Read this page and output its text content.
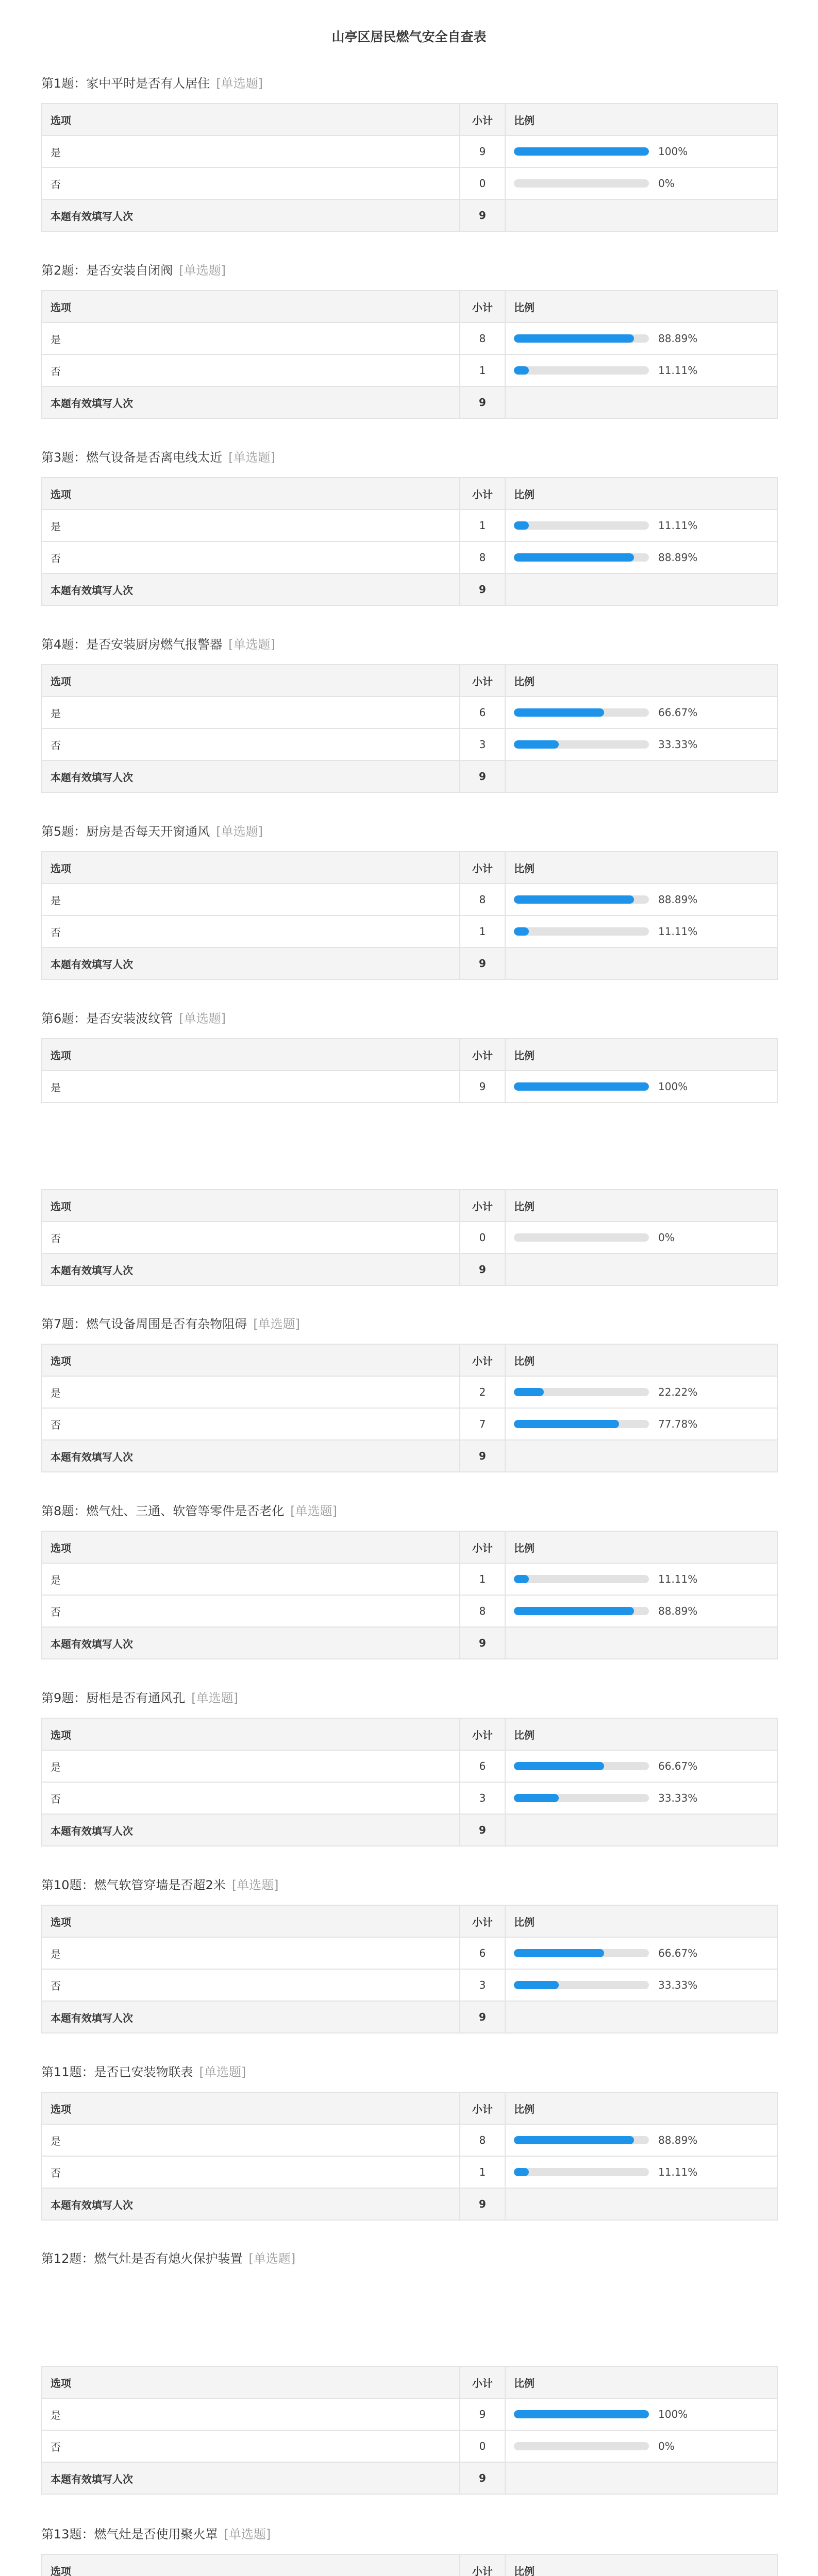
山亭区居民燃气安全自查表
第1题：家中平时是否有人居住 [单选题]
选项	小计	比例
是	9	100%

否	0	0%

本题有效填写人次	9	
第2题：是否安装自闭阀 [单选题]
选项	小计	比例
是	8	88.89%

否	1	11.11%

本题有效填写人次	9	
第3题：燃气设备是否离电线太近 [单选题]
选项	小计	比例
是	1	11.11%

否	8	88.89%

本题有效填写人次	9	
第4题：是否安装厨房燃气报警器 [单选题]
选项	小计	比例
是	6	66.67%

否	3	33.33%

本题有效填写人次	9	
第5题：厨房是否每天开窗通风 [单选题]
选项	小计	比例
是	8	88.89%

否	1	11.11%

本题有效填写人次	9	
第6题：是否安装波纹管 [单选题]
选项	小计	比例
是	9	100%
选项	小计	比例
否	0	0%

本题有效填写人次	9	
第7题：燃气设备周围是否有杂物阻碍 [单选题]
选项	小计	比例
是	2	22.22%

否	7	77.78%

本题有效填写人次	9	
第8题：燃气灶、三通、软管等零件是否老化 [单选题]
选项	小计	比例
是	1	11.11%

否	8	88.89%

本题有效填写人次	9	
第9题：厨柜是否有通风孔 [单选题]
选项	小计	比例
是	6	66.67%

否	3	33.33%

本题有效填写人次	9	
第10题：燃气软管穿墙是否超2米 [单选题]
选项	小计	比例
是	6	66.67%

否	3	33.33%

本题有效填写人次	9	
第11题：是否已安装物联表 [单选题]
选项	小计	比例
是	8	88.89%

否	1	11.11%

本题有效填写人次	9	
第12题：燃气灶是否有熄火保护装置 [单选题]
选项	小计	比例
是	9	100%

否	0	0%

本题有效填写人次	9	
第13题：燃气灶是否使用聚火罩 [单选题]
选项	小计	比例
